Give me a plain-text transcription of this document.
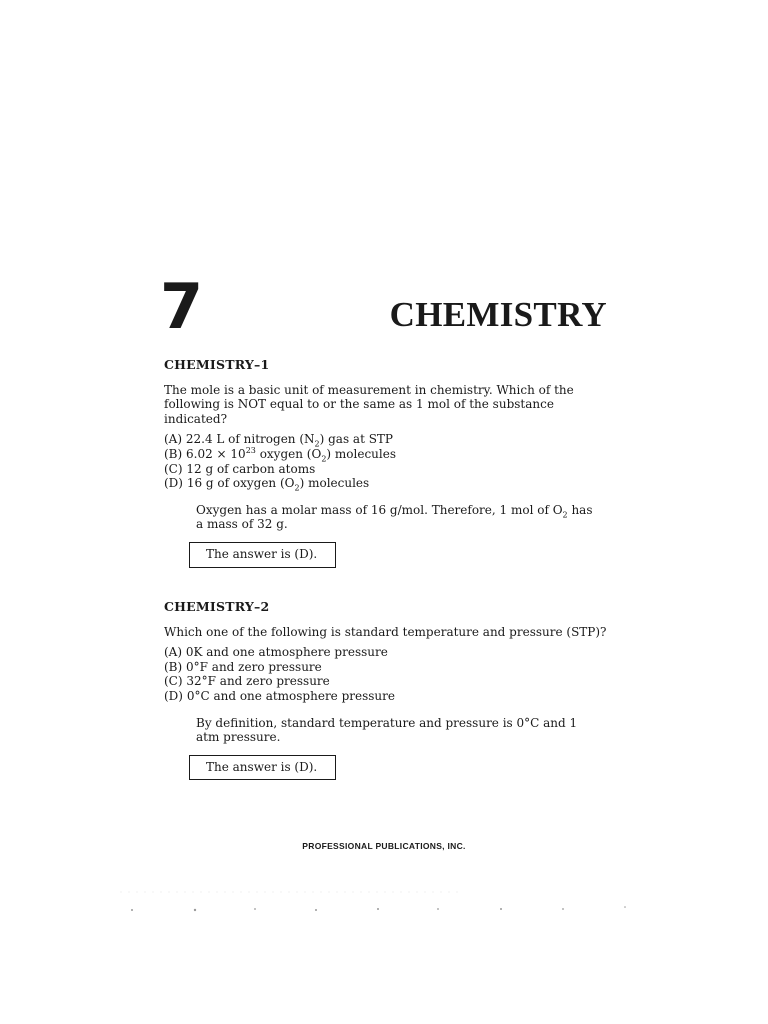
7	CHEMISTRY
CHEMISTRY–1

The mole is a basic unit of measurement in chemistry. Which of the following is NOT equal to or the same as 1 mol of the substance indicated?

(A) 22.4 L of nitrogen $(N_2)$ gas at STP
(B) $6.02 \times 10^{23}$ oxygen $(O_2)$ molecules
(C) 12 g of carbon atoms
(D) 16 g of oxygen $(O_2)$ molecules

Oxygen has a molar mass of 16 g/mol. Therefore, 1 mol of $O_2$ has a mass of 32 g.

The answer is (D).
CHEMISTRY–2

Which one of the following is standard temperature and pressure (STP)?

(A) 0K and one atmosphere pressure
(B) 0°F and zero pressure
(C) 32°F and zero pressure
(D) 0°C and one atmosphere pressure

By definition, standard temperature and pressure is 0°C and 1 atm pressure.

The answer is (D).
PROFESSIONAL PUBLICATIONS, INC.
